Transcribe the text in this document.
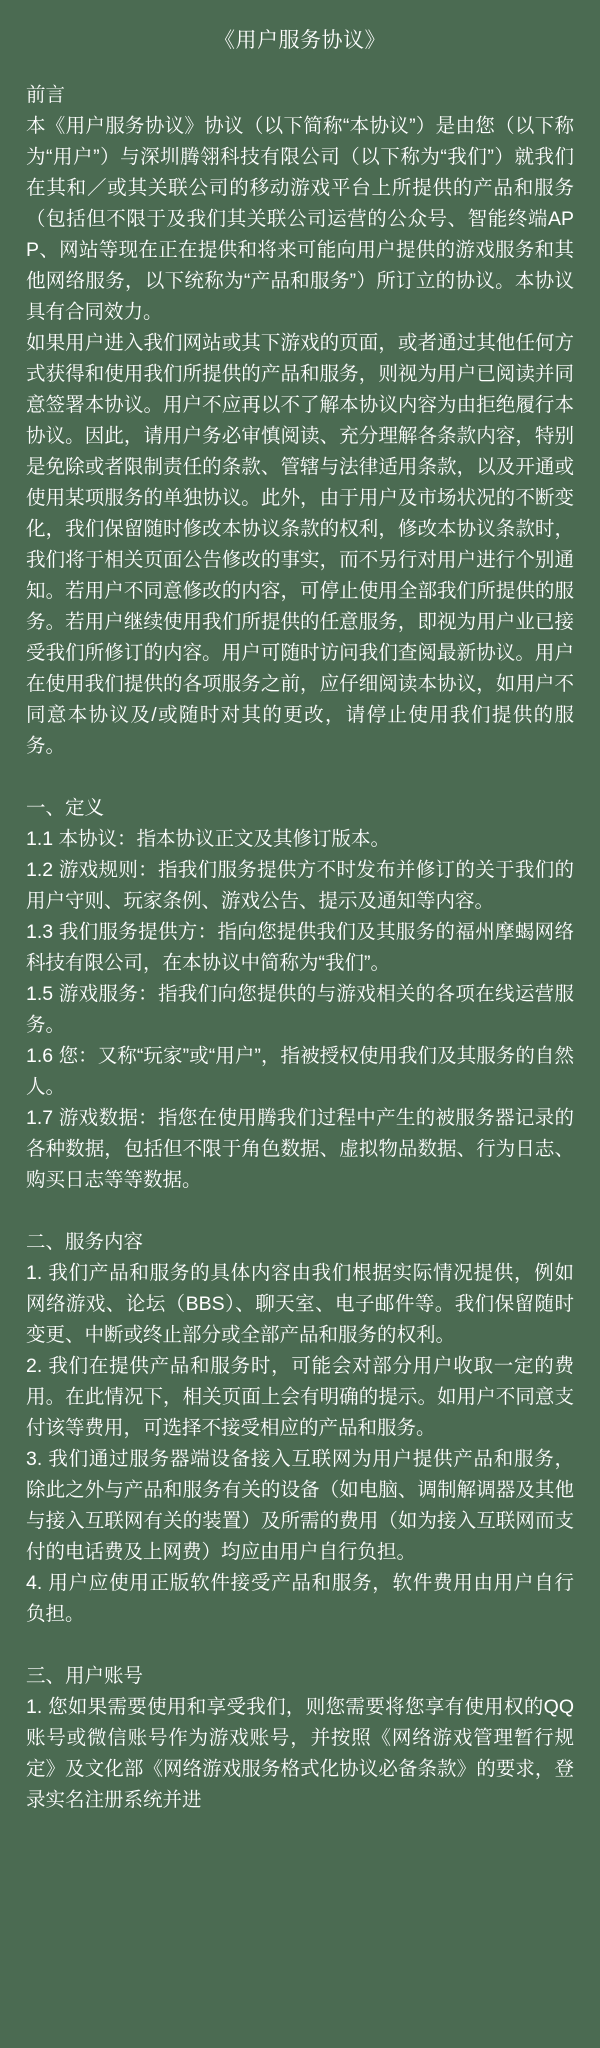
《用户服务协议》
前言
本《用户服务协议》协议（以下简称“本协议”）是由您（以下称为“用户”）与深圳腾翎科技有限公司（以下称为“我们”）就我们在其和／或其关联公司的移动游戏平台上所提供的产品和服务（包括但不限于及我们其关联公司运营的公众号、智能终端APP、网站等现在正在提供和将来可能向用户提供的游戏服务和其他网络服务，以下统称为“产品和服务”）所订立的协议。本协议具有合同效力。
如果用户进入我们网站或其下游戏的页面，或者通过其他任何方式获得和使用我们所提供的产品和服务，则视为用户已阅读并同意签署本协议。用户不应再以不了解本协议内容为由拒绝履行本协议。因此，请用户务必审慎阅读、充分理解各条款内容，特别是免除或者限制责任的条款、管辖与法律适用条款，以及开通或使用某项服务的单独协议。此外，由于用户及市场状况的不断变化，我们保留随时修改本协议条款的权利，修改本协议条款时，我们将于相关页面公告修改的事实，而不另行对用户进行个别通知。若用户不同意修改的内容，可停止使用全部我们所提供的服务。若用户继续使用我们所提供的任意服务，即视为用户业已接受我们所修订的内容。用户可随时访问我们查阅最新协议。用户在使用我们提供的各项服务之前，应仔细阅读本协议，如用户不同意本协议及/或随时对其的更改，请停止使用我们提供的服务。
一、定义
1.1 本协议：指本协议正文及其修订版本。
1.2 游戏规则：指我们服务提供方不时发布并修订的关于我们的用户守则、玩家条例、游戏公告、提示及通知等内容。
1.3 我们服务提供方：指向您提供我们及其服务的福州摩蝎网络科技有限公司，在本协议中简称为“我们”。
1.5 游戏服务：指我们向您提供的与游戏相关的各项在线运营服务。
1.6 您：又称“玩家”或“用户”，指被授权使用我们及其服务的自然人。
1.7 游戏数据：指您在使用腾我们过程中产生的被服务器记录的各种数据，包括但不限于角色数据、虚拟物品数据、行为日志、购买日志等等数据。
二、服务内容
1. 我们产品和服务的具体内容由我们根据实际情况提供，例如网络游戏、论坛（BBS）、聊天室、电子邮件等。我们保留随时变更、中断或终止部分或全部产品和服务的权利。
2. 我们在提供产品和服务时，可能会对部分用户收取一定的费用。在此情况下，相关页面上会有明确的提示。如用户不同意支付该等费用，可选择不接受相应的产品和服务。
3. 我们通过服务器端设备接入互联网为用户提供产品和服务，除此之外与产品和服务有关的设备（如电脑、调制解调器及其他与接入互联网有关的装置）及所需的费用（如为接入互联网而支付的电话费及上网费）均应由用户自行负担。
4. 用户应使用正版软件接受产品和服务，软件费用由用户自行负担。
三、用户账号
1. 您如果需要使用和享受我们，则您需要将您享有使用权的QQ账号或微信账号作为游戏账号，并按照《网络游戏管理暂行规定》及文化部《网络游戏服务格式化协议必备条款》的要求，登录实名注册系统并进
